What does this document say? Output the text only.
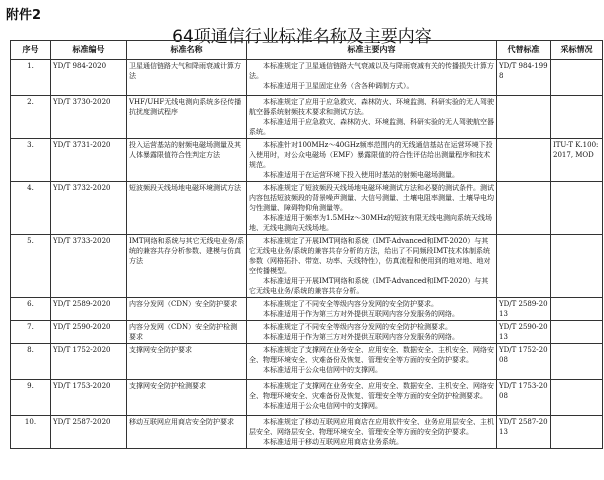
附件2
64项通信行业标准名称及主要内容
序号	标准编号	标准名称	标准主要内容	代替标准	采标情况
1.	YD/T 984-2020	卫星通信链路大气和降雨衰减计算方法	本标准规定了卫星通信链路大气衰减以及与降雨衰减有关的传播损失计算方法。
本标准适用于卫星固定业务（含各种调制方式）。	YD/T 984-1998	
2.	YD/T 3730-2020	VHF/UHF无线电测向系统多径传播抗扰度测试程序	本标准规定了应用于应急救灾、森林防火、环境监测、科研实验的无人驾驶航空器系统射频技术要求和测试方法。
本标准适用于应急救灾、森林防火、环境监测、科研实验的无人驾驶航空器系统。		

3.	YD/T 3731-2020	投入运营基站的射频电磁场测量及其人体暴露限值符合性判定方法	本标准针对100MHz～40GHz频率范围内的无线通信基站在运营环境下投入使用时，对公众电磁场（EMF）暴露限值的符合性评估给出测量程序和技术规范。
本标准适用于在运营环境下投入使用时基站的射频电磁场测量。		ITU-T K.100:2017, MOD
4.	YD/T 3732-2020	短波频段天线场地电磁环境测试方法	本标准规定了短波频段天线场地电磁环境测试方法和必要的测试条件。测试内容包括短波频段的背景噪声测量、大信号测量、土壤电阻率测量、土壤导电均匀性测量、障碍物仰角测量等。
本标准适用于频率为1.5MHz～30MHz的短波有限无线电测向系统天线场地、无线电测向天线场地。		

5.	YD/T 3733-2020	IMT网络和系统与其它无线电业务/系统的兼容共存分析参数、建模与仿真方法	本标准规定了开展IMT网络和系统（IMT-Advanced和IMT-2020）与其它无线电业务/系统的兼容共存分析的方法，给出了不同频段IMT技术体制系统参数（网格拓扑、带宽、功率、天线特性），仿真流程和使用到的地对地、地对空传播模型。
本标准适用于开展IMT网络和系统（IMT-Advanced和IMT-2020）与其它无线电业务/系统的兼容共存分析。		

6.	YD/T 2589-2020	内容分发网（CDN）安全防护要求	本标准规定了不同安全等级内容分发网的安全防护要求。
本标准适用于作为第三方对外提供互联网内容分发服务的网络。	YD/T 2589-2013	
7.	YD/T 2590-2020	内容分发网（CDN）安全防护检测要求	本标准规定了不同安全等级内容分发网的安全防护检测要求。
本标准适用于作为第三方对外提供互联网内容分发服务的网络。	YD/T 2590-2013	
8.	YD/T 1752-2020	支撑网安全防护要求	本标准规定了支撑网在业务安全、应用安全、数据安全、主机安全、网络安全、物理环境安全、灾难备份及恢复、管理安全等方面的安全防护要求。
本标准适用于公众电信网中的支撑网。	YD/T 1752-2008	
9.	YD/T 1753-2020	支撑网安全防护检测要求	本标准规定了支撑网在业务安全、应用安全、数据安全、主机安全、网络安全、物理环境安全、灾难备份及恢复、管理安全等方面的安全防护检测要求。
本标准适用于公众电信网中的支撑网。	YD/T 1753-2008	
10.	YD/T 2587-2020	移动互联网应用商店安全防护要求	本标准规定了移动互联网应用商店在应用软件安全、业务应用层安全、主机层安全、网络层安全、物理环境安全、管理安全等方面的安全防护要求。
本标准适用于移动互联网应用商店业务系统。	YD/T 2587-2013	
